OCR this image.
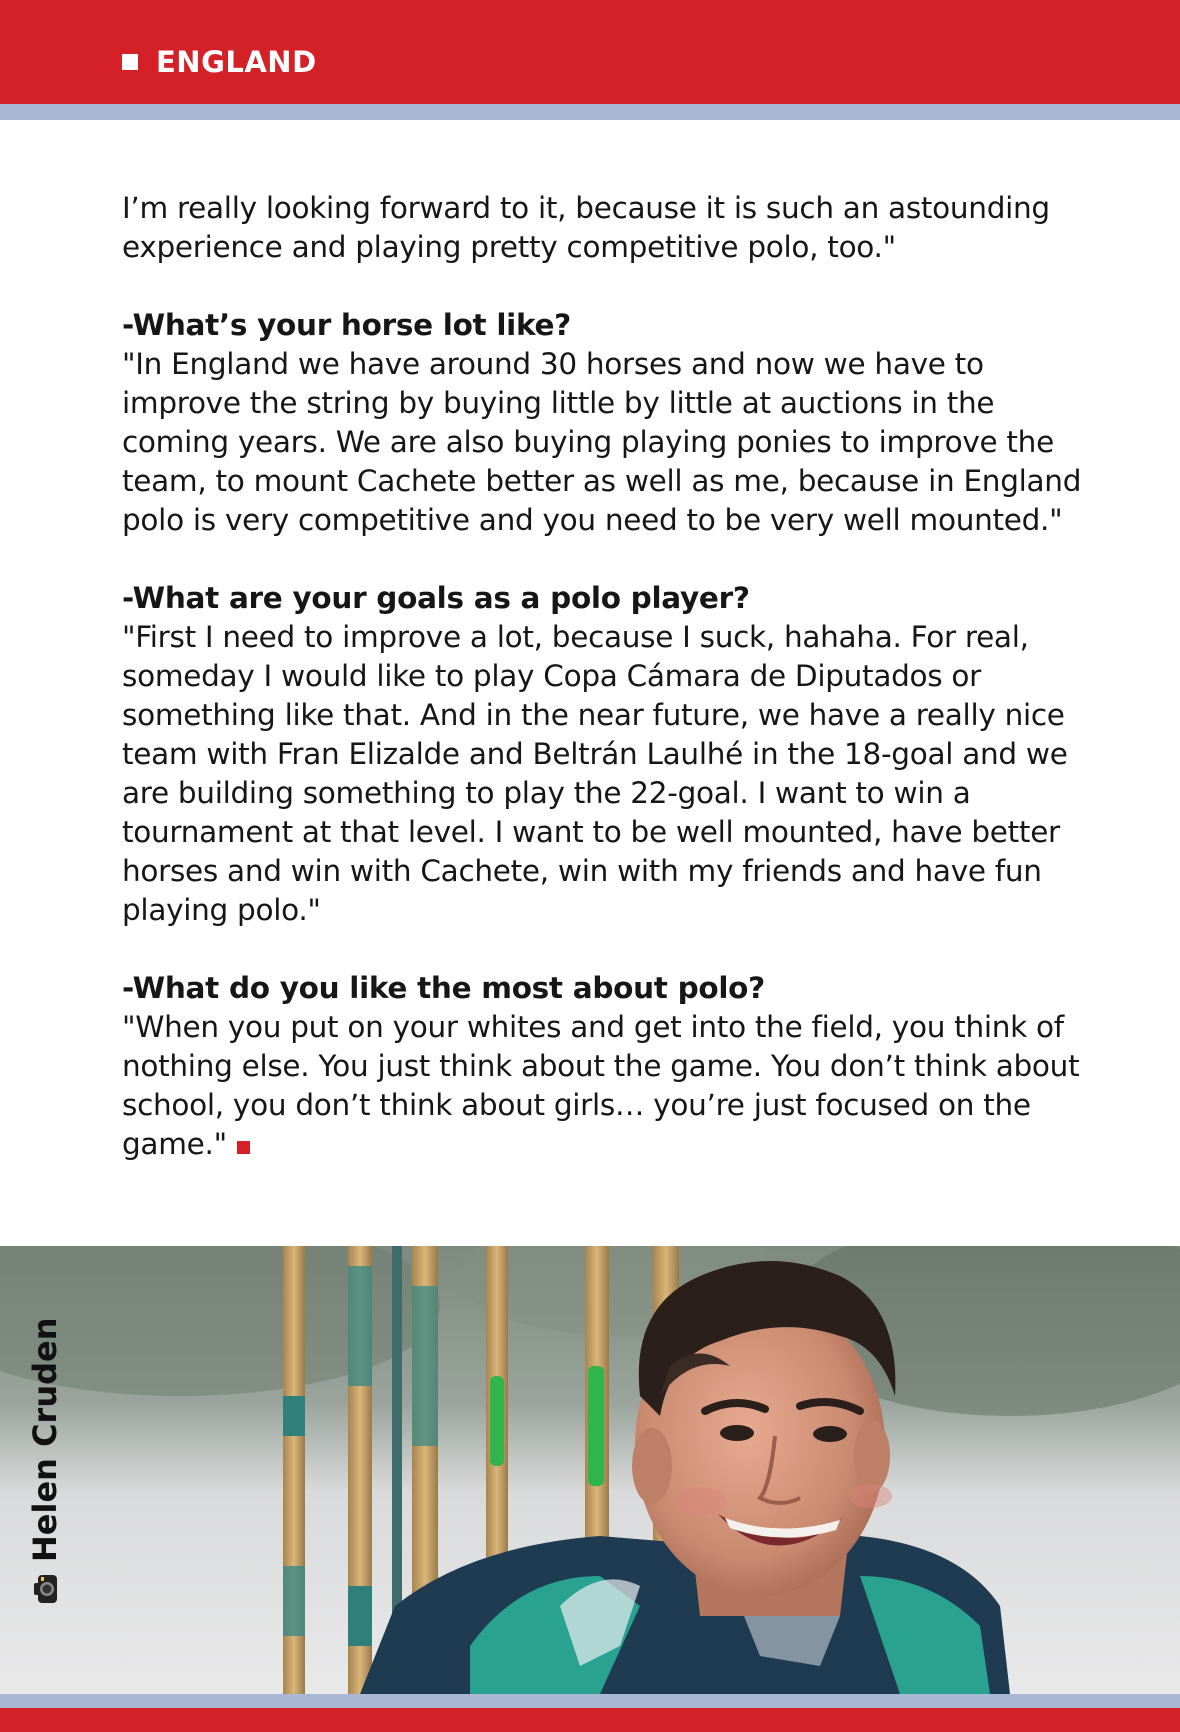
ENGLAND
I’m really looking forward to it, because it is such an astounding experience and playing pretty competitive polo, too."
-What’s your horse lot like?
"In England we have around 30 horses and now we have to improve the string by buying little by little at auctions in the coming years. We are also buying playing ponies to improve the team, to mount Cachete better as well as me, because in England polo is very competitive and you need to be very well mounted."
-What are your goals as a polo player?
"First I need to improve a lot, because I suck, hahaha. For real, someday I would like to play Copa Cámara de Diputados or something like that. And in the near future, we have a really nice team with Fran Elizalde and Beltrán Laulhé in the 18-goal and we are building something to play the 22-goal. I want to win a tournament at that level. I want to be well mounted, have better horses and win with Cachete, win with my friends and have fun playing polo."
-What do you like the most about polo?
"When you put on your whites and get into the field, you think of nothing else. You just think about the game. You don’t think about school, you don’t think about girls… you’re just focused on the game."
Helen Cruden
